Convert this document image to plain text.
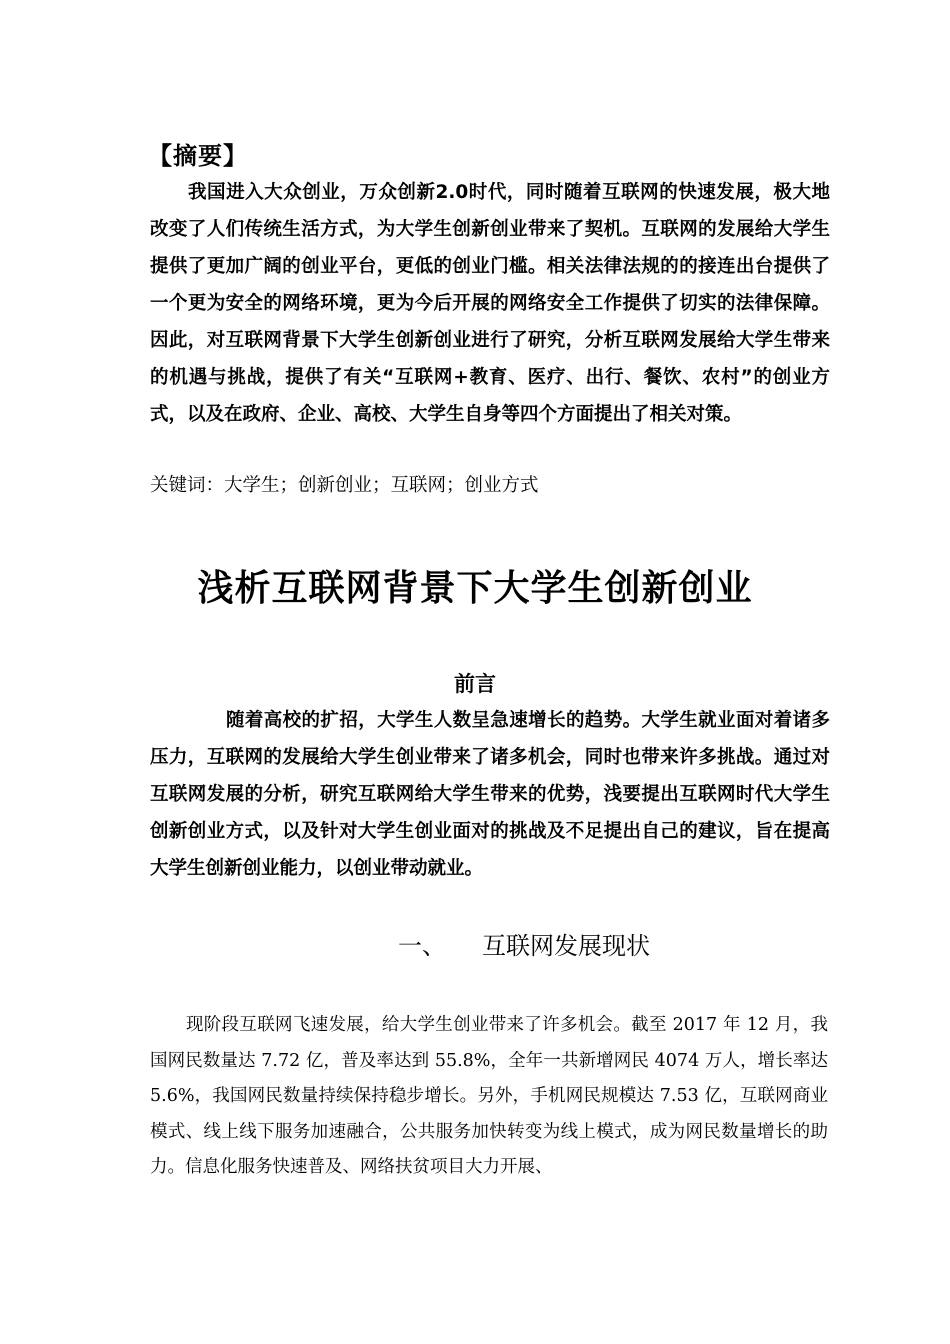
【摘要】

我国进入大众创业，万众创新2.0时代，同时随着互联网的快速发展，极大地改变了人们传统生活方式，为大学生创新创业带来了契机。互联网的发展给大学生提供了更加广阔的创业平台，更低的创业门槛。相关法律法规的的接连出台提供了一个更为安全的网络环境，更为今后开展的网络安全工作提供了切实的法律保障。因此，对互联网背景下大学生创新创业进行了研究，分析互联网发展给大学生带来的机遇与挑战，提供了有关“互联网+教育、医疗、出行、餐饮、农村”的创业方式，以及在政府、企业、高校、大学生自身等四个方面提出了相关对策。

关键词：大学生；创新创业；互联网；创业方式
浅析互联网背景下大学生创新创业
前言

随着高校的扩招，大学生人数呈急速增长的趋势。大学生就业面对着诸多压力，互联网的发展给大学生创业带来了诸多机会，同时也带来许多挑战。通过对互联网发展的分析，研究互联网给大学生带来的优势，浅要提出互联网时代大学生创新创业方式，以及针对大学生创业面对的挑战及不足提出自己的建议，旨在提高大学生创新创业能力，以创业带动就业。

一、 互联网发展现状

现阶段互联网飞速发展，给大学生创业带来了许多机会。截至 2017 年 12 月，我国网民数量达 7.72 亿，普及率达到 55.8%，全年一共新增网民 4074 万人，增长率达 5.6%，我国网民数量持续保持稳步增长。另外，手机网民规模达 7.53 亿，互联网商业模式、线上线下服务加速融合，公共服务加快转变为线上模式，成为网民数量增长的助力。信息化服务快速普及、网络扶贫项目大力开展、
